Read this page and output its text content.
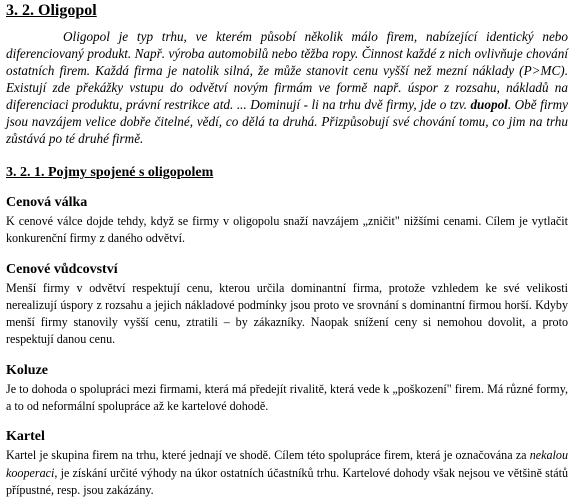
3. 2. Oligopol

Oligopol je typ trhu, ve kterém působí několik málo firem, nabízející identický nebo diferenciovaný produkt. Např. výroba automobilů nebo těžba ropy. Činnost každé z nich ovlivňuje chování ostatních firem. Každá firma je natolik silná, že může stanovit cenu vyšší než mezní náklady (P>MC). Existují zde překážky vstupu do odvětví novým firmám ve formě např. úspor z rozsahu, nákladů na diferenciaci produktu, právní restrikce atd. ... Dominují - li na trhu dvě firmy, jde o tzv. duopol. Obě firmy jsou navzájem velice dobře čitelné, vědí, co dělá ta druhá. Přizpůsobují své chování tomu, co jim na trhu zůstává po té druhé firmě.

3. 2. 1. Pojmy spojené s oligopolem
Cenová válka

K cenové válce dojde tehdy, když se firmy v oligopolu snaží navzájem „zničit" nižšími cenami. Cílem je vytlačit konkurenční firmy z daného odvětví.

Cenové vůdcovství

Menší firmy v odvětví respektují cenu, kterou určila dominantní firma, protože vzhledem ke své velikosti nerealizují úspory z rozsahu a jejich nákladové podmínky jsou proto ve srovnání s dominantní firmou horší. Kdyby menší firmy stanovily vyšší cenu, ztratili – by zákazníky. Naopak snížení ceny si nemohou dovolit, a proto respektují danou cenu.

Koluze

Je to dohoda o spolupráci mezi firmami, která má předejít rivalitě, která vede k „poškození" firem. Má různé formy, a to od neformální spolupráce až ke kartelové dohodě.

Kartel

Kartel je skupina firem na trhu, které jednají ve shodě. Cílem této spolupráce firem, která je označována za nekalou kooperaci, je získání určité výhody na úkor ostatních účastníků trhu. Kartelové dohody však nejsou ve většině států přípustné, resp. jsou zakázány.
